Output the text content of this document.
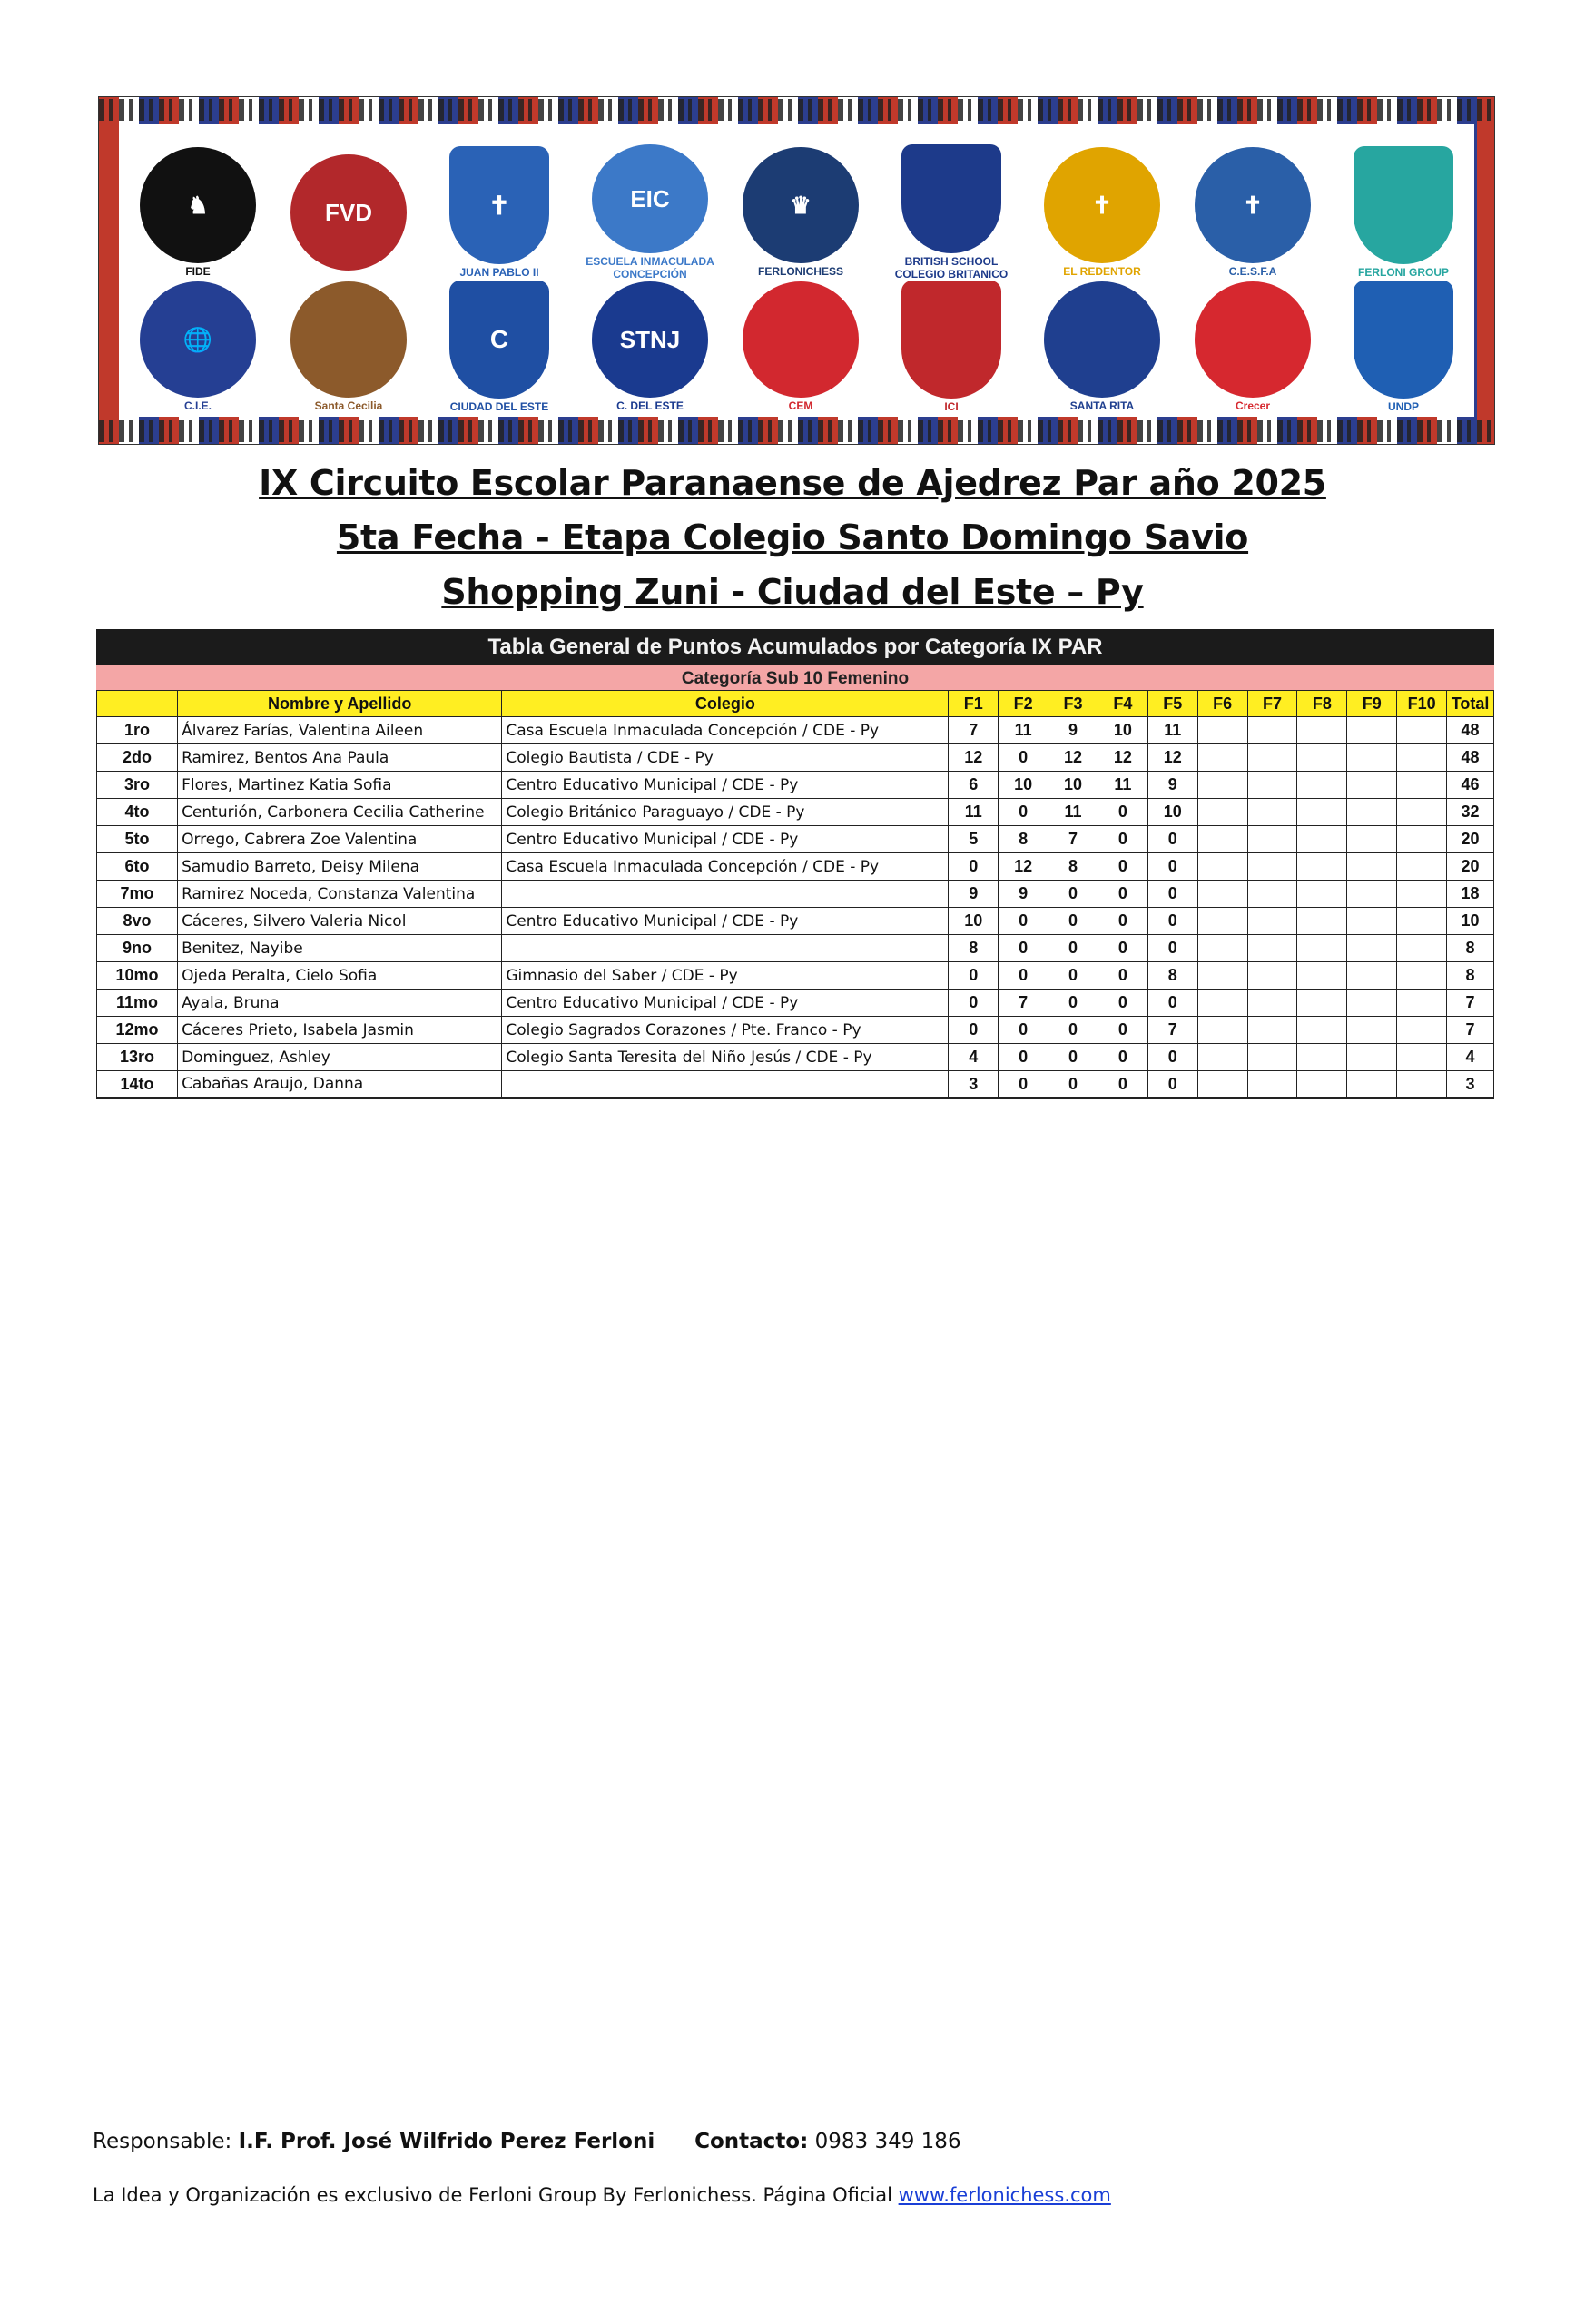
♞
FIDE
FVD	✝
JUAN PABLO II
EIC
ESCUELA INMACULADA CONCEPCIÓN
♛
FERLONICHESS
BRITISH SCHOOL COLEGIO BRITANICO
✝
EL REDENTOR
✝
C.E.S.F.A	FERLONI GROUP
🌐
C.I.E.	Santa Cecilia
C
CIUDAD DEL ESTE
STNJ
C. DEL ESTE	CEM	ICI	SANTA RITA	Crecer	UNDP
IX Circuito Escolar Paranaense de Ajedrez Par año 2025
5ta Fecha - Etapa Colegio Santo Domingo Savio
Shopping Zuni - Ciudad del Este – Py
Tabla General de Puntos Acumulados por Categoría IX PAR
Categoría Sub 10 Femenino
	Nombre y Apellido	Colegio	F1	F2	F3	F4	F5	F6	F7	F8	F9	F10	Total
1ro	Álvarez Farías, Valentina Aileen	Casa Escuela Inmaculada Concepción / CDE - Py	7	11	9	10	11						48
2do	Ramirez, Bentos Ana Paula	Colegio Bautista / CDE - Py	12	0	12	12	12						48
3ro	Flores, Martinez Katia Sofia	Centro Educativo Municipal / CDE - Py	6	10	10	11	9						46
4to	Centurión, Carbonera Cecilia Catherine	Colegio Británico Paraguayo / CDE - Py	11	0	11	0	10						32
5to	Orrego, Cabrera Zoe Valentina	Centro Educativo Municipal / CDE - Py	5	8	7	0	0						20
6to	Samudio Barreto, Deisy Milena	Casa Escuela Inmaculada Concepción / CDE - Py	0	12	8	0	0						20
7mo	Ramirez Noceda, Constanza Valentina		9	9	0	0	0						18
8vo	Cáceres, Silvero Valeria Nicol	Centro Educativo Municipal / CDE - Py	10	0	0	0	0						10
9no	Benitez, Nayibe		8	0	0	0	0						8
10mo	Ojeda Peralta, Cielo Sofia	Gimnasio del Saber / CDE - Py	0	0	0	0	8						8
11mo	Ayala, Bruna	Centro Educativo Municipal / CDE - Py	0	7	0	0	0						7
12mo	Cáceres Prieto, Isabela Jasmin	Colegio Sagrados Corazones / Pte. Franco - Py	0	0	0	0	7						7
13ro	Dominguez, Ashley	Colegio Santa Teresita del Niño Jesús / CDE - Py	4	0	0	0	0						4
14to	Cabañas Araujo, Danna		3	0	0	0	0						3
Responsable: I.F. Prof. José Wilfrido Perez Ferloni Contacto: 0983 349 186
La Idea y Organización es exclusivo de Ferloni Group By Ferlonichess. Página Oficial www.ferlonichess.com
